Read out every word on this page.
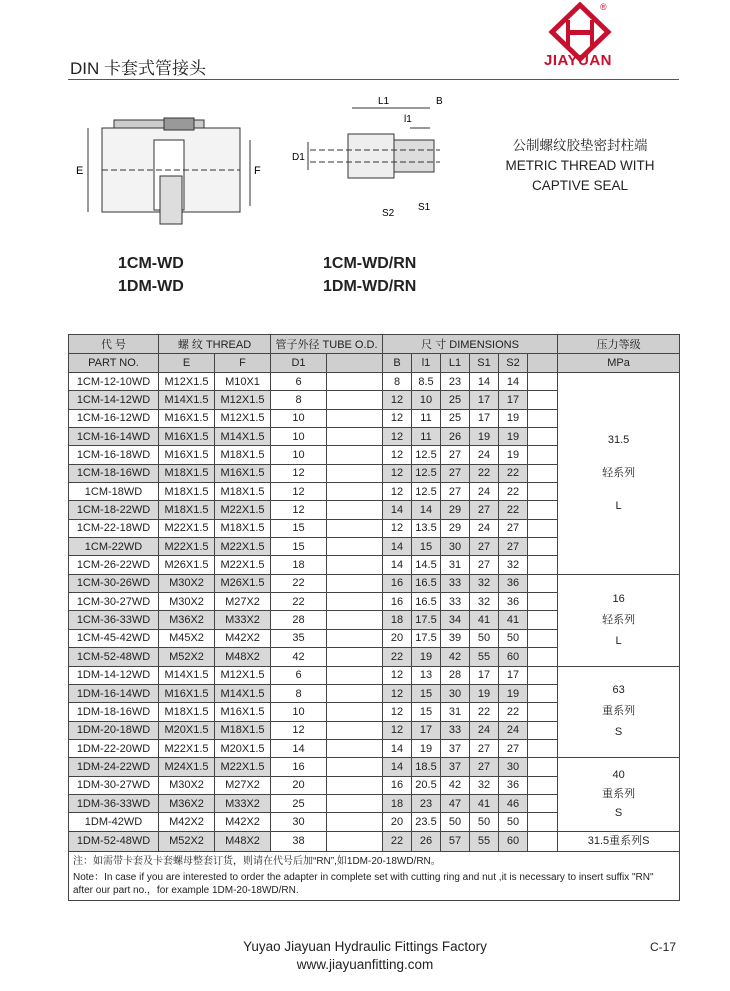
DIN 卡套式管接头
®
JIAYUAN
E	F
L1	B
l1
D1
S2
S1
公制螺纹胶垫密封柱端
METRIC THREAD WITH
CAPTIVE SEAL
1CM-WD
1DM-WD
1CM-WD/RN
1DM-WD/RN
代 号	螺 纹 THREAD		管子外径 TUBE O.D.		尺 寸 DIMENSIONS						压力等级
PART NO.	E	F	D1		B	l1	L1	S1	S2		MPa
1CM-12-10WD	M12X1.5	M10X1	6		8	8.5	23	14	14		31.5
轻系列
L

1CM-14-12WD	M14X1.5	M12X1.5	8		12	10	25	17	17		
1CM-16-12WD	M16X1.5	M12X1.5	10		12	11	25	17	19		
1CM-16-14WD	M16X1.5	M14X1.5	10		12	11	26	19	19		
1CM-16-18WD	M16X1.5	M18X1.5	10		12	12.5	27	24	19		
1CM-18-16WD	M18X1.5	M16X1.5	12		12	12.5	27	22	22		
1CM-18WD	M18X1.5	M18X1.5	12		12	12.5	27	24	22		
1CM-18-22WD	M18X1.5	M22X1.5	12		14	14	29	27	22		
1CM-22-18WD	M22X1.5	M18X1.5	15		12	13.5	29	24	27		
1CM-22WD	M22X1.5	M22X1.5	15		14	15	30	27	27		
1CM-26-22WD	M26X1.5	M22X1.5	18		14	14.5	31	27	32		
1CM-30-26WD	M30X2	M26X1.5	22		16	16.5	33	32	36		16
轻系列
L

1CM-30-27WD	M30X2	M27X2	22		16	16.5	33	32	36		
1CM-36-33WD	M36X2	M33X2	28		18	17.5	34	41	41		
1CM-45-42WD	M45X2	M42X2	35		20	17.5	39	50	50		
1CM-52-48WD	M52X2	M48X2	42		22	19	42	55	60		
1DM-14-12WD	M14X1.5	M12X1.5	6		12	13	28	17	17		63
重系列
S

1DM-16-14WD	M16X1.5	M14X1.5	8		12	15	30	19	19		
1DM-18-16WD	M18X1.5	M16X1.5	10		12	15	31	22	22		
1DM-20-18WD	M20X1.5	M18X1.5	12		12	17	33	24	24		
1DM-22-20WD	M22X1.5	M20X1.5	14		14	19	37	27	27		
1DM-24-22WD	M24X1.5	M22X1.5	16		14	18.5	37	27	30		40
重系列
S

1DM-30-27WD	M30X2	M27X2	20		16	20.5	42	32	36		
1DM-36-33WD	M36X2	M33X2	25		18	23	47	41	46		
1DM-42WD	M42X2	M42X2	30		20	23.5	50	50	50		
1DM-52-48WD	M52X2	M48X2	38		22	26	57	55	60		31.5重系列S

注：如需带卡套及卡套螺母整套订货，则请在代号后加“RN”,如1DM-20-18WD/RN。
Note：In case if you are interested to order the adapter in complete set with cutting ring and nut ,it is necessary to insert suffix "RN" after our part no.，for example 1DM-20-18WD/RN.											
Yuyao Jiayuan Hydraulic Fittings Factory
www.jiayuanfitting.com
C-17
